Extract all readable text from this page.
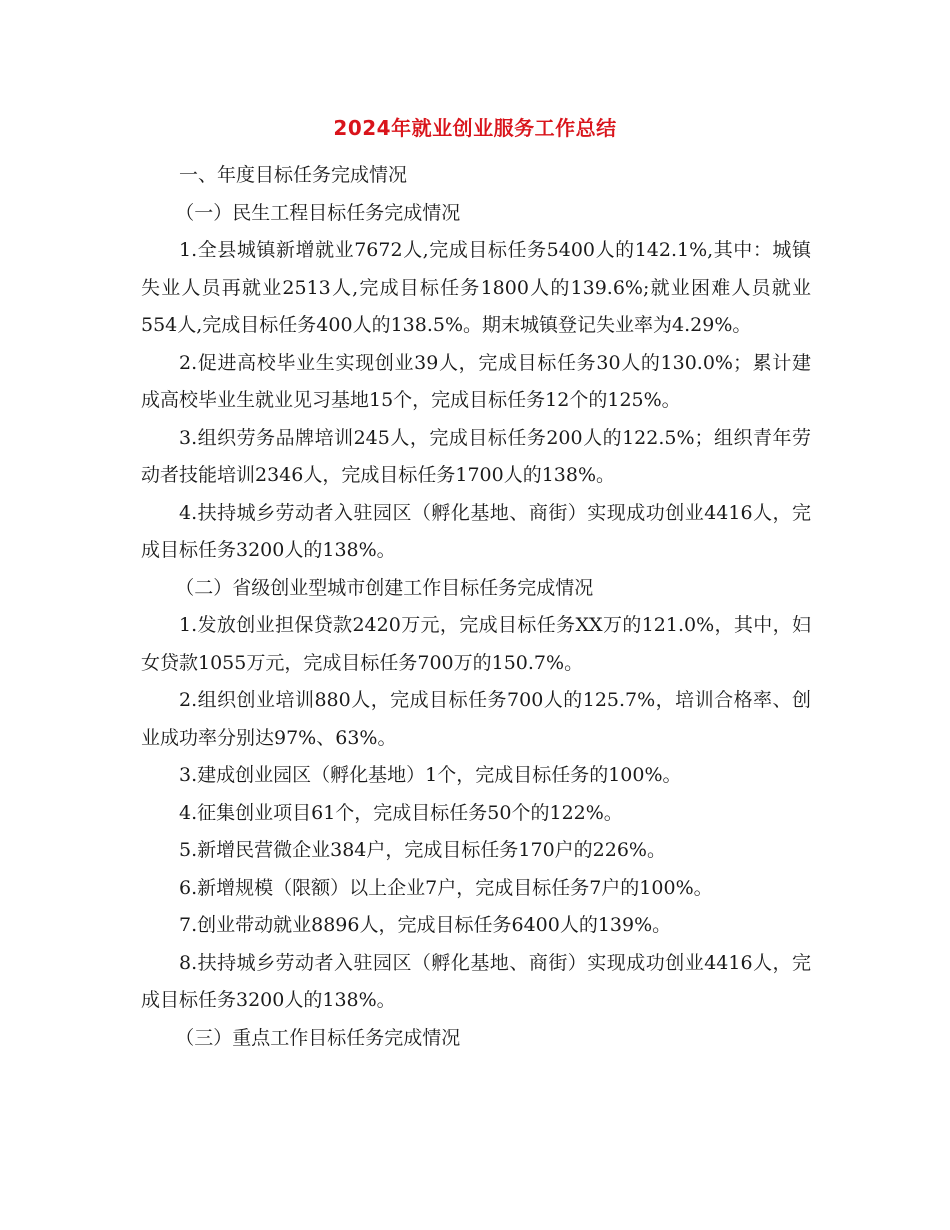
2024年就业创业服务工作总结

一、年度目标任务完成情况

（一）民生工程目标任务完成情况

1.全县城镇新增就业7672人,完成目标任务5400人的142.1%,其中：城镇失业人员再就业2513人,完成目标任务1800人的139.6%;就业困难人员就业554人,完成目标任务400人的138.5%。期末城镇登记失业率为4.29%。

2.促进高校毕业生实现创业39人，完成目标任务30人的130.0%；累计建成高校毕业生就业见习基地15个，完成目标任务12个的125%。

3.组织劳务品牌培训245人，完成目标任务200人的122.5%；组织青年劳动者技能培训2346人，完成目标任务1700人的138%。

4.扶持城乡劳动者入驻园区（孵化基地、商街）实现成功创业4416人，完成目标任务3200人的138%。

（二）省级创业型城市创建工作目标任务完成情况

1.发放创业担保贷款2420万元，完成目标任务XX万的121.0%，其中，妇女贷款1055万元，完成目标任务700万的150.7%。

2.组织创业培训880人，完成目标任务700人的125.7%，培训合格率、创业成功率分别达97%、63%。

3.建成创业园区（孵化基地）1个，完成目标任务的100%。

4.征集创业项目61个，完成目标任务50个的122%。

5.新增民营微企业384户，完成目标任务170户的226%。

6.新增规模（限额）以上企业7户，完成目标任务7户的100%。

7.创业带动就业8896人，完成目标任务6400人的139%。

8.扶持城乡劳动者入驻园区（孵化基地、商街）实现成功创业4416人，完成目标任务3200人的138%。

（三）重点工作目标任务完成情况
